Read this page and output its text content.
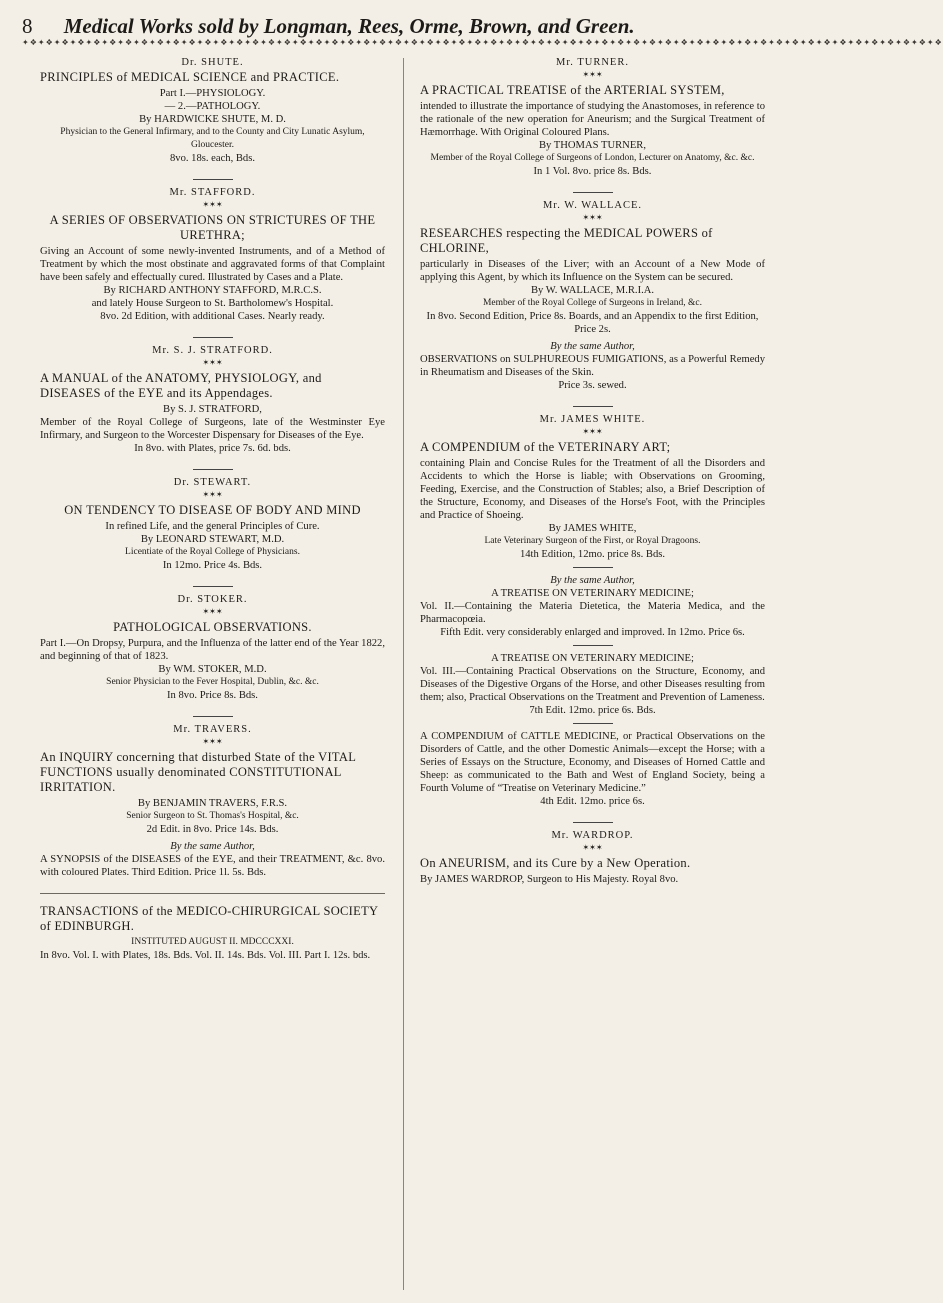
8 Medical Works sold by Longman, Rees, Orme, Brown, and Green.
✦❖✦❖✦❖✦❖✦❖✦❖✦❖✦❖✦❖✦❖✦❖✦❖✦❖✦❖✦❖✦❖✦❖✦❖✦❖✦❖✦❖✦❖✦❖✦❖✦❖✦❖✦❖✦❖✦❖✦❖✦❖✦❖✦❖✦❖✦❖✦❖✦❖✦❖✦❖✦❖✦❖✦❖✦❖✦❖✦❖✦❖✦❖✦❖✦❖✦❖✦❖✦❖✦❖✦❖✦❖✦❖✦❖✦❖
Dr. SHUTE.
PRINCIPLES of MEDICAL SCIENCE and PRACTICE.
Part I.—PHYSIOLOGY.
— 2.—PATHOLOGY.
By HARDWICKE SHUTE, M. D.
Physician to the General Infirmary, and to the County and City Lunatic Asylum, Gloucester.
8vo. 18s. each, Bds.
Mr. STAFFORD.
✶✶✶
A SERIES OF OBSERVATIONS ON STRICTURES OF THE URETHRA;
Giving an Account of some newly-invented Instruments, and of a Method of Treatment by which the most obstinate and aggravated forms of that Complaint have been safely and effectually cured. Illustrated by Cases and a Plate.
By RICHARD ANTHONY STAFFORD, M.R.C.S.
and lately House Surgeon to St. Bartholomew's Hospital.
8vo. 2d Edition, with additional Cases. Nearly ready.
Mr. S. J. STRATFORD.
✶✶✶
A MANUAL of the ANATOMY, PHYSIOLOGY, and DISEASES of the EYE and its Appendages.
By S. J. STRATFORD,
Member of the Royal College of Surgeons, late of the Westminster Eye Infirmary, and Surgeon to the Worcester Dispensary for Diseases of the Eye.
In 8vo. with Plates, price 7s. 6d. bds.
Dr. STEWART.
✶✶✶
ON TENDENCY TO DISEASE OF BODY AND MIND
In refined Life, and the general Principles of Cure.
By LEONARD STEWART, M.D.
Licentiate of the Royal College of Physicians.
In 12mo. Price 4s. Bds.
Dr. STOKER.
✶✶✶
PATHOLOGICAL OBSERVATIONS.
Part I.—On Dropsy, Purpura, and the Influenza of the latter end of the Year 1822, and beginning of that of 1823.
By WM. STOKER, M.D.
Senior Physician to the Fever Hospital, Dublin, &c. &c.
In 8vo. Price 8s. Bds.
Mr. TRAVERS.
✶✶✶
An INQUIRY concerning that disturbed State of the VITAL FUNCTIONS usually denominated CONSTITUTIONAL IRRITATION.
By BENJAMIN TRAVERS, F.R.S.
Senior Surgeon to St. Thomas's Hospital, &c.
2d Edit. in 8vo. Price 14s. Bds.
By the same Author,
A SYNOPSIS of the DISEASES of the EYE, and their TREATMENT, &c. 8vo. with coloured Plates. Third Edition. Price 1l. 5s. Bds.
TRANSACTIONS of the MEDICO-CHIRURGICAL SOCIETY of EDINBURGH.
INSTITUTED AUGUST II. MDCCCXXI.
In 8vo. Vol. I. with Plates, 18s. Bds. Vol. II. 14s. Bds. Vol. III. Part I. 12s. bds.
Mr. TURNER.
✶✶✶
A PRACTICAL TREATISE of the ARTERIAL SYSTEM,
intended to illustrate the importance of studying the Anastomoses, in reference to the rationale of the new operation for Aneurism; and the Surgical Treatment of Hæmorrhage. With Original Coloured Plans.
By THOMAS TURNER,
Member of the Royal College of Surgeons of London, Lecturer on Anatomy, &c. &c.
In 1 Vol. 8vo. price 8s. Bds.
Mr. W. WALLACE.
✶✶✶
RESEARCHES respecting the MEDICAL POWERS of CHLORINE,
particularly in Diseases of the Liver; with an Account of a New Mode of applying this Agent, by which its Influence on the System can be secured.
By W. WALLACE, M.R.I.A.
Member of the Royal College of Surgeons in Ireland, &c.
In 8vo. Second Edition, Price 8s. Boards, and an Appendix to the first Edition, Price 2s.
By the same Author,
OBSERVATIONS on SULPHUREOUS FUMIGATIONS, as a Powerful Remedy in Rheumatism and Diseases of the Skin.
Price 3s. sewed.
Mr. JAMES WHITE.
✶✶✶
A COMPENDIUM of the VETERINARY ART;
containing Plain and Concise Rules for the Treatment of all the Disorders and Accidents to which the Horse is liable; with Observations on Grooming, Feeding, Exercise, and the Construction of Stables; also, a Brief Description of the Structure, Economy, and Diseases of the Horse's Foot, with the Principles and Practice of Shoeing.
By JAMES WHITE,
Late Veterinary Surgeon of the First, or Royal Dragoons.
14th Edition, 12mo. price 8s. Bds.
By the same Author,
A TREATISE ON VETERINARY MEDICINE;
Vol. II.—Containing the Materia Dietetica, the Materia Medica, and the Pharmacopœia.
Fifth Edit. very considerably enlarged and improved. In 12mo. Price 6s.
A TREATISE ON VETERINARY MEDICINE;
Vol. III.—Containing Practical Observations on the Structure, Economy, and Diseases of the Digestive Organs of the Horse, and other Diseases resulting from them; also, Practical Observations on the Treatment and Prevention of Lameness.
7th Edit. 12mo. price 6s. Bds.
A COMPENDIUM of CATTLE MEDICINE, or Practical Observations on the Disorders of Cattle, and the other Domestic Animals—except the Horse; with a Series of Essays on the Structure, Economy, and Diseases of Horned Cattle and Sheep: as communicated to the Bath and West of England Society, being a Fourth Volume of “Treatise on Veterinary Medicine.”
4th Edit. 12mo. price 6s.
Mr. WARDROP.
✶✶✶
On ANEURISM, and its Cure by a New Operation.
By JAMES WARDROP, Surgeon to His Majesty. Royal 8vo.
